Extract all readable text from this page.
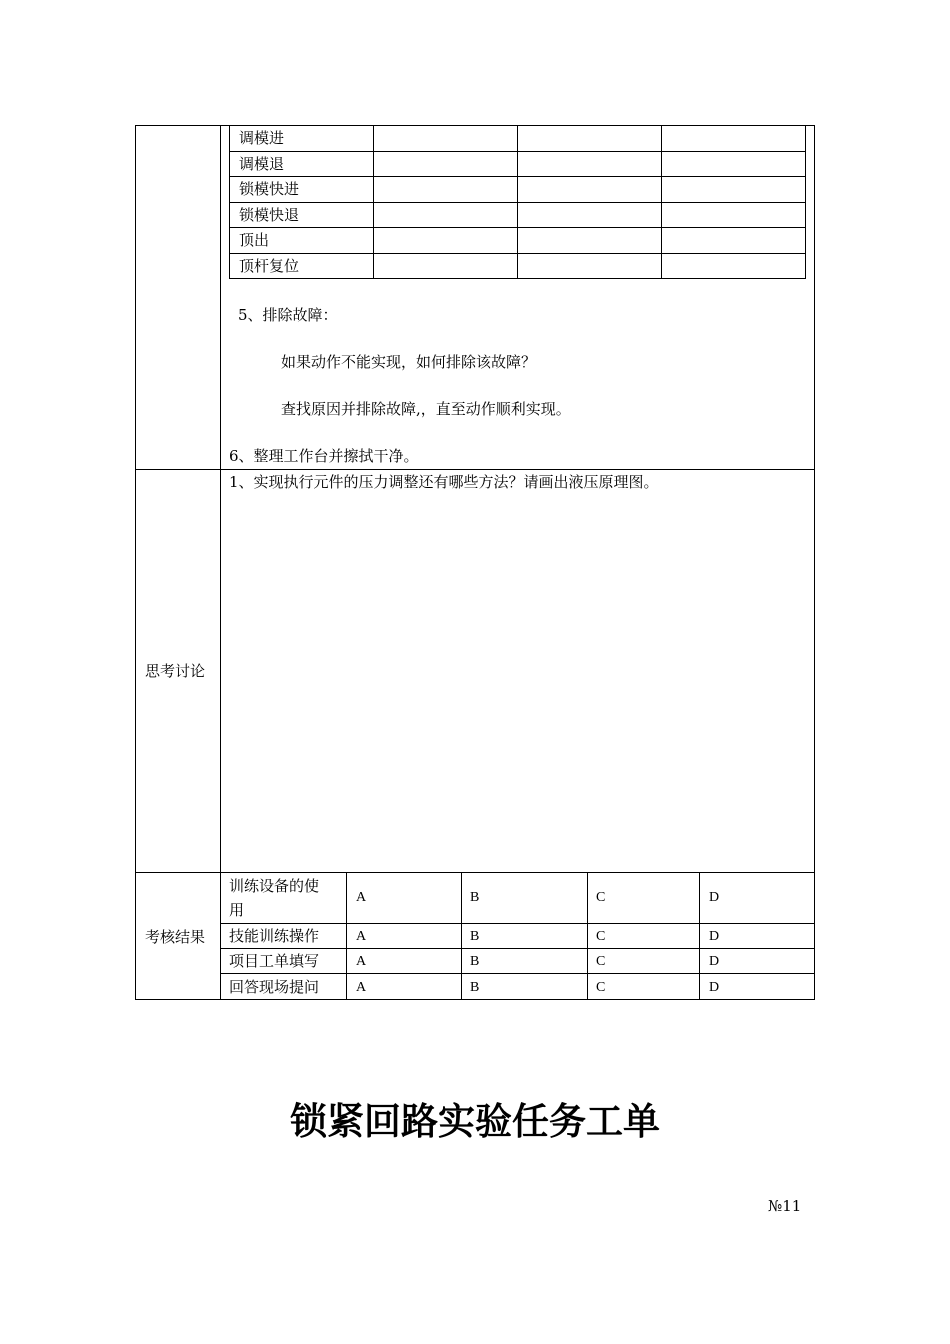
调模进
调模退
锁模快进
锁模快退
顶出
顶杆复位
5、排除故障：
如果动作不能实现，如何排除该故障？
查找原因并排除故障,，直至动作顺利实现。
6、整理工作台并擦拭干净。
思考讨论
1、实现执行元件的压力调整还有哪些方法？请画出液压原理图。
考核结果
训练设备的使
用
A	B	C	D
技能训练操作	A	B	C	D
项目工单填写	A	B	C	D
回答现场提问	A	B	C	D
锁紧回路实验任务工单
№11
